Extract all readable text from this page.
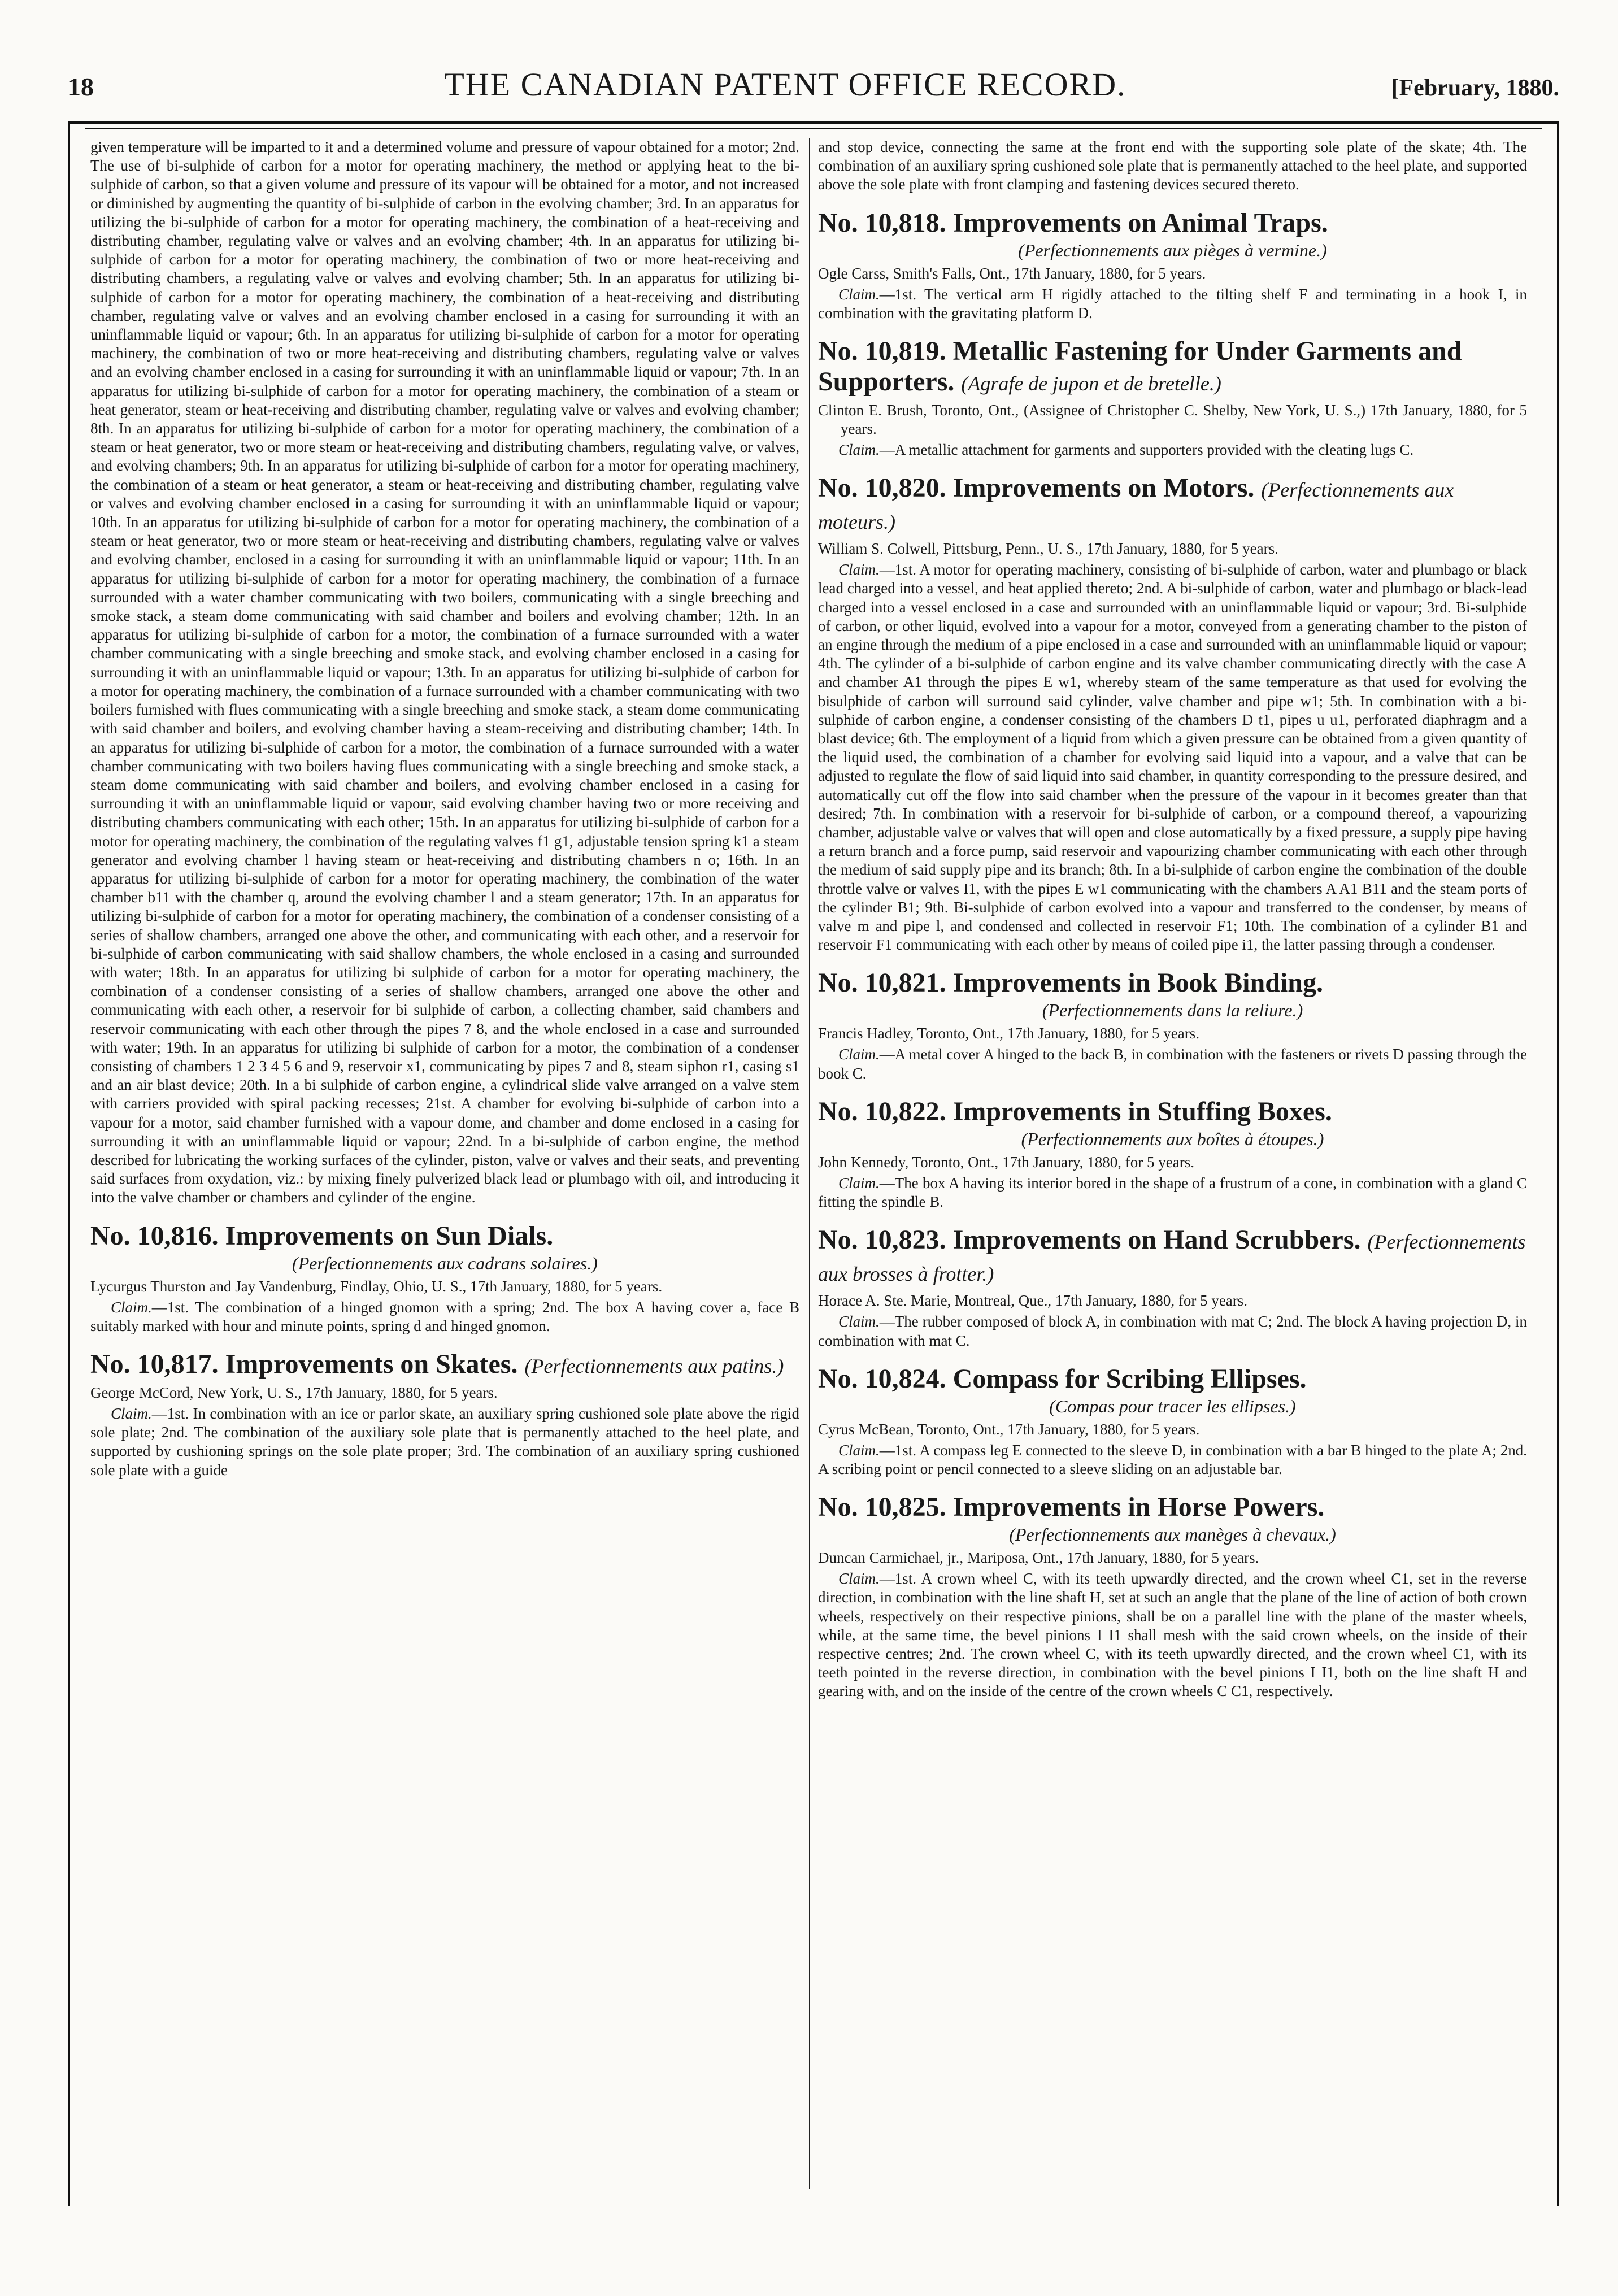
18	THE CANADIAN PATENT OFFICE RECORD.	[February, 1880.

given temperature will be imparted to it and a determined volume and pressure of vapour obtained for a motor; 2nd. The use of bi-sulphide of carbon for a motor for operating machinery, the method or applying heat to the bi-sulphide of carbon, so that a given volume and pressure of its vapour will be obtained for a motor, and not increased or diminished by augmenting the quantity of bi-sulphide of carbon in the evolving chamber; 3rd. In an apparatus for utilizing the bi-sulphide of carbon for a motor for operating machinery, the combination of a heat-receiving and distributing chamber, regulating valve or valves and an evolving chamber; 4th. In an apparatus for utilizing bi-sulphide of carbon for a motor for operating machinery, the combination of two or more heat-receiving and distributing chambers, a regulating valve or valves and evolving chamber; 5th. In an apparatus for utilizing bi-sulphide of carbon for a motor for operating machinery, the combination of a heat-receiving and distributing chamber, regulating valve or valves and an evolving chamber enclosed in a casing for surrounding it with an uninflammable liquid or vapour; 6th. In an apparatus for utilizing bi-sulphide of carbon for a motor for operating machinery, the combination of two or more heat-receiving and distributing chambers, regulating valve or valves and an evolving chamber enclosed in a casing for surrounding it with an uninflammable liquid or vapour; 7th. In an apparatus for utilizing bi-sulphide of carbon for a motor for operating machinery, the combination of a steam or heat generator, steam or heat-receiving and distributing chamber, regulating valve or valves and evolving chamber; 8th. In an apparatus for utilizing bi-sulphide of carbon for a motor for operating machinery, the combination of a steam or heat generator, two or more steam or heat-receiving and distributing chambers, regulating valve, or valves, and evolving chambers; 9th. In an apparatus for utilizing bi-sulphide of carbon for a motor for operating machinery, the combination of a steam or heat generator, a steam or heat-receiving and distributing chamber, regulating valve or valves and evolving chamber enclosed in a casing for surrounding it with an uninflammable liquid or vapour; 10th. In an apparatus for utilizing bi-sulphide of carbon for a motor for operating machinery, the combination of a steam or heat generator, two or more steam or heat-receiving and distributing chambers, regulating valve or valves and evolving chamber, enclosed in a casing for surrounding it with an uninflammable liquid or vapour; 11th. In an apparatus for utilizing bi-sulphide of carbon for a motor for operating machinery, the combination of a furnace surrounded with a water chamber communicating with two boilers, communicating with a single breeching and smoke stack, a steam dome communicating with said chamber and boilers and evolving chamber; 12th. In an apparatus for utilizing bi-sulphide of carbon for a motor, the combination of a furnace surrounded with a water chamber communicating with a single breeching and smoke stack, and evolving chamber enclosed in a casing for surrounding it with an uninflammable liquid or vapour; 13th. In an apparatus for utilizing bi-sulphide of carbon for a motor for operating machinery, the combination of a furnace surrounded with a chamber communicating with two boilers furnished with flues communicating with a single breeching and smoke stack, a steam dome communicating with said chamber and boilers, and evolving chamber having a steam-receiving and distributing chamber; 14th. In an apparatus for utilizing bi-sulphide of carbon for a motor, the combination of a furnace surrounded with a water chamber communicating with two boilers having flues communicating with a single breeching and smoke stack, a steam dome communicating with said chamber and boilers, and evolving chamber enclosed in a casing for surrounding it with an uninflammable liquid or vapour, said evolving chamber having two or more receiving and distributing chambers communicating with each other; 15th. In an apparatus for utilizing bi-sulphide of carbon for a motor for operating machinery, the combination of the regulating valves f1 g1, adjustable tension spring k1 a steam generator and evolving chamber l having steam or heat-receiving and distributing chambers n o; 16th. In an apparatus for utilizing bi-sulphide of carbon for a motor for operating machinery, the combination of the water chamber b11 with the chamber q, around the evolving chamber l and a steam generator; 17th. In an apparatus for utilizing bi-sulphide of carbon for a motor for operating machinery, the combination of a condenser consisting of a series of shallow chambers, arranged one above the other, and communicating with each other, and a reservoir for bi-sulphide of carbon communicating with said shallow chambers, the whole enclosed in a casing and surrounded with water; 18th. In an apparatus for utilizing bi sulphide of carbon for a motor for operating machinery, the combination of a condenser consisting of a series of shallow chambers, arranged one above the other and communicating with each other, a reservoir for bi sulphide of carbon, a collecting chamber, said chambers and reservoir communicating with each other through the pipes 7 8, and the whole enclosed in a case and surrounded with water; 19th. In an apparatus for utilizing bi sulphide of carbon for a motor, the combination of a condenser consisting of chambers 1 2 3 4 5 6 and 9, reservoir x1, communicating by pipes 7 and 8, steam siphon r1, casing s1 and an air blast device; 20th. In a bi sulphide of carbon engine, a cylindrical slide valve arranged on a valve stem with carriers provided with spiral packing recesses; 21st. A chamber for evolving bi-sulphide of carbon into a vapour for a motor, said chamber furnished with a vapour dome, and chamber and dome enclosed in a casing for surrounding it with an uninflammable liquid or vapour; 22nd. In a bi-sulphide of carbon engine, the method described for lubricating the working surfaces of the cylinder, piston, valve or valves and their seats, and preventing said surfaces from oxydation, viz.: by mixing finely pulverized black lead or plumbago with oil, and introducing it into the valve chamber or chambers and cylinder of the engine.

No. 10,816. Improvements on Sun Dials.

(Perfectionnements aux cadrans solaires.)

Lycurgus Thurston and Jay Vandenburg, Findlay, Ohio, U. S., 17th January, 1880, for 5 years.

Claim.—1st. The combination of a hinged gnomon with a spring; 2nd. The box A having cover a, face B suitably marked with hour and minute points, spring d and hinged gnomon.

No. 10,817. Improvements on Skates. (Perfectionnements aux patins.)

George McCord, New York, U. S., 17th January, 1880, for 5 years.

Claim.—1st. In combination with an ice or parlor skate, an auxiliary spring cushioned sole plate above the rigid sole plate; 2nd. The combination of the auxiliary sole plate that is permanently attached to the heel plate, and supported by cushioning springs on the sole plate proper; 3rd. The combination of an auxiliary spring cushioned sole plate with a guide

and stop device, connecting the same at the front end with the supporting sole plate of the skate; 4th. The combination of an auxiliary spring cushioned sole plate that is permanently attached to the heel plate, and supported above the sole plate with front clamping and fastening devices secured thereto.

No. 10,818. Improvements on Animal Traps.

(Perfectionnements aux pièges à vermine.)

Ogle Carss, Smith's Falls, Ont., 17th January, 1880, for 5 years.

Claim.—1st. The vertical arm H rigidly attached to the tilting shelf F and terminating in a hook I, in combination with the gravitating platform D.

No. 10,819. Metallic Fastening for Under Garments and Supporters. (Agrafe de jupon et de bretelle.)

Clinton E. Brush, Toronto, Ont., (Assignee of Christopher C. Shelby, New York, U. S.,) 17th January, 1880, for 5 years.

Claim.—A metallic attachment for garments and supporters provided with the cleating lugs C.

No. 10,820. Improvements on Motors. (Perfectionnements aux moteurs.)

William S. Colwell, Pittsburg, Penn., U. S., 17th January, 1880, for 5 years.

Claim.—1st. A motor for operating machinery, consisting of bi-sulphide of carbon, water and plumbago or black lead charged into a vessel, and heat applied thereto; 2nd. A bi-sulphide of carbon, water and plumbago or black-lead charged into a vessel enclosed in a case and surrounded with an uninflammable liquid or vapour; 3rd. Bi-sulphide of carbon, or other liquid, evolved into a vapour for a motor, conveyed from a generating chamber to the piston of an engine through the medium of a pipe enclosed in a case and surrounded with an uninflammable liquid or vapour; 4th. The cylinder of a bi-sulphide of carbon engine and its valve chamber communicating directly with the case A and chamber A1 through the pipes E w1, whereby steam of the same temperature as that used for evolving the bisulphide of carbon will surround said cylinder, valve chamber and pipe w1; 5th. In combination with a bi-sulphide of carbon engine, a condenser consisting of the chambers D t1, pipes u u1, perforated diaphragm and a blast device; 6th. The employment of a liquid from which a given pressure can be obtained from a given quantity of the liquid used, the combination of a chamber for evolving said liquid into a vapour, and a valve that can be adjusted to regulate the flow of said liquid into said chamber, in quantity corresponding to the pressure desired, and automatically cut off the flow into said chamber when the pressure of the vapour in it becomes greater than that desired; 7th. In combination with a reservoir for bi-sulphide of carbon, or a compound thereof, a vapourizing chamber, adjustable valve or valves that will open and close automatically by a fixed pressure, a supply pipe having a return branch and a force pump, said reservoir and vapourizing chamber communicating with each other through the medium of said supply pipe and its branch; 8th. In a bi-sulphide of carbon engine the combination of the double throttle valve or valves I1, with the pipes E w1 communicating with the chambers A A1 B11 and the steam ports of the cylinder B1; 9th. Bi-sulphide of carbon evolved into a vapour and transferred to the condenser, by means of valve m and pipe l, and condensed and collected in reservoir F1; 10th. The combination of a cylinder B1 and reservoir F1 communicating with each other by means of coiled pipe i1, the latter passing through a condenser.

No. 10,821. Improvements in Book Binding.

(Perfectionnements dans la reliure.)

Francis Hadley, Toronto, Ont., 17th January, 1880, for 5 years.

Claim.—A metal cover A hinged to the back B, in combination with the fasteners or rivets D passing through the book C.

No. 10,822. Improvements in Stuffing Boxes.

(Perfectionnements aux boîtes à étoupes.)

John Kennedy, Toronto, Ont., 17th January, 1880, for 5 years.

Claim.—The box A having its interior bored in the shape of a frustrum of a cone, in combination with a gland C fitting the spindle B.

No. 10,823. Improvements on Hand Scrubbers. (Perfectionnements aux brosses à frotter.)

Horace A. Ste. Marie, Montreal, Que., 17th January, 1880, for 5 years.

Claim.—The rubber composed of block A, in combination with mat C; 2nd. The block A having projection D, in combination with mat C.

No. 10,824. Compass for Scribing Ellipses.

(Compas pour tracer les ellipses.)

Cyrus McBean, Toronto, Ont., 17th January, 1880, for 5 years.

Claim.—1st. A compass leg E connected to the sleeve D, in combination with a bar B hinged to the plate A; 2nd. A scribing point or pencil connected to a sleeve sliding on an adjustable bar.

No. 10,825. Improvements in Horse Powers.

(Perfectionnements aux manèges à chevaux.)

Duncan Carmichael, jr., Mariposa, Ont., 17th January, 1880, for 5 years.

Claim.—1st. A crown wheel C, with its teeth upwardly directed, and the crown wheel C1, set in the reverse direction, in combination with the line shaft H, set at such an angle that the plane of the line of action of both crown wheels, respectively on their respective pinions, shall be on a parallel line with the plane of the master wheels, while, at the same time, the bevel pinions I I1 shall mesh with the said crown wheels, on the inside of their respective centres; 2nd. The crown wheel C, with its teeth upwardly directed, and the crown wheel C1, with its teeth pointed in the reverse direction, in combination with the bevel pinions I I1, both on the line shaft H and gearing with, and on the inside of the centre of the crown wheels C C1, respectively.
